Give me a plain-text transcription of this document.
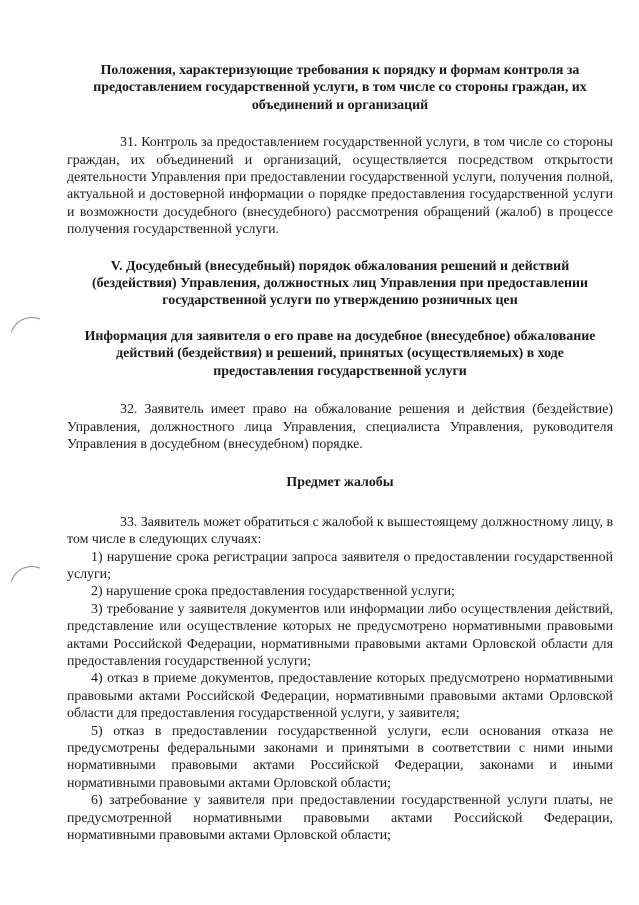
Положения, характеризующие требования к порядку и формам контроля за предоставлением государственной услуги, в том числе со стороны граждан, их объединений и организаций

31. Контроль за предоставлением государственной услуги, в том числе со стороны граждан, их объединений и организаций, осуществляется посредством открытости деятельности Управления при предоставлении государственной услуги, получения полной, актуальной и достоверной информации о порядке предоставления государственной услуги и возможности досудебного (внесудебного) рассмотрения обращений (жалоб) в процессе получения государственной услуги.

V. Досудебный (внесудебный) порядок обжалования решений и действий (бездействия) Управления, должностных лиц Управления при предоставлении государственной услуги по утверждению розничных цен

Информация для заявителя о его праве на досудебное (внесудебное) обжалование действий (бездействия) и решений, принятых (осуществляемых) в ходе предоставления государственной услуги

32. Заявитель имеет право на обжалование решения и действия (бездействие) Управления, должностного лица Управления, специалиста Управления, руководителя Управления в досудебном (внесудебном) порядке.

Предмет жалобы

33. Заявитель может обратиться с жалобой к вышестоящему должностному лицу, в том числе в следующих случаях:

1) нарушение срока регистрации запроса заявителя о предоставлении государственной услуги;

2) нарушение срока предоставления государственной услуги;

3) требование у заявителя документов или информации либо осуществления действий, представление или осуществление которых не предусмотрено нормативными правовыми актами Российской Федерации, нормативными правовыми актами Орловской области для предоставления государственной услуги;

4) отказ в приеме документов, предоставление которых предусмотрено нормативными правовыми актами Российской Федерации, нормативными правовыми актами Орловской области для предоставления государственной услуги, у заявителя;

5) отказ в предоставлении государственной услуги, если основания отказа не предусмотрены федеральными законами и принятыми в соответствии с ними иными нормативными правовыми актами Российской Федерации, законами и иными нормативными правовыми актами Орловской области;

6) затребование у заявителя при предоставлении государственной услуги платы, не предусмотренной нормативными правовыми актами Российской Федерации, нормативными правовыми актами Орловской области;
